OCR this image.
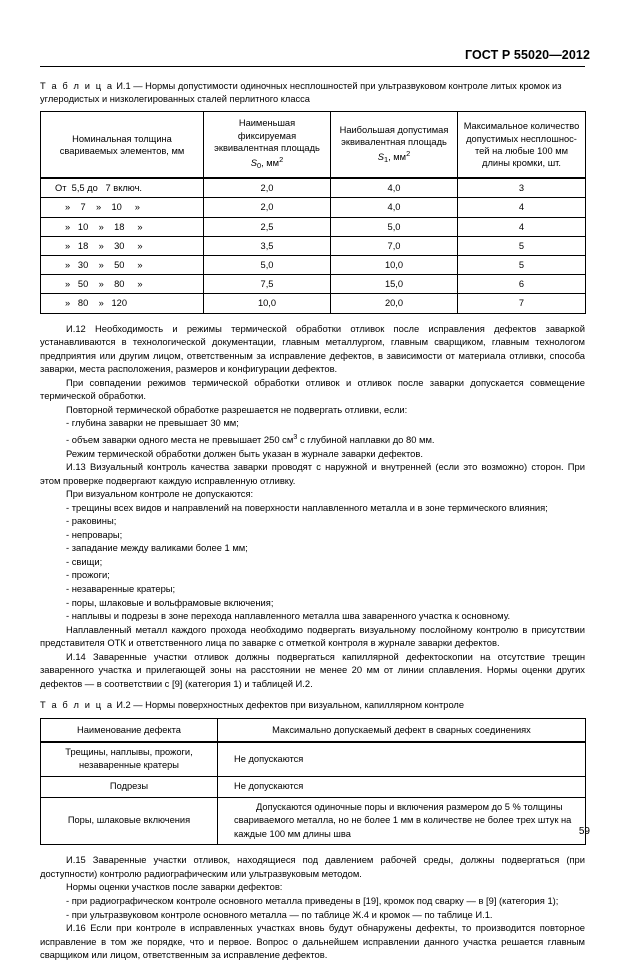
ГОСТ Р 55020—2012

Т а б л и ц а И.1 — Нормы допустимости одиночных несплошностей при ультразвуковом контроле литых кромок из углеродистых и низколегированных сталей перлитного класса

Номинальная толщина
свариваемых элементов, мм	Наименьшая фиксируемая
эквивалентная площадь
$S_0$, $мм^2$	Наибольшая допустимая
эквивалентная площадь
$S_1$, $мм^2$	Максимальное количество
допустимых несплошнос-
тей на любые 100 мм
длины кромки, шт.
От  5,5 до   7 включ.	2,0	4,0	3
»    7    »    10     »	2,0	4,0	4
»   10    »    18     »	2,5	5,0	4
»   18    »    30     »	3,5	7,0	5
»   30    »    50     »	5,0	10,0	5
»   50    »    80     »	7,5	15,0	6
»   80    »   120	10,0	20,0	7

И.12 Необходимость и режимы термической обработки отливок после исправления дефектов заваркой устанавливаются в технологической документации, главным металлургом, главным сварщиком, главным технологом предприятия или другим лицом, ответственным за исправление дефектов, в зависимости от материала отливки, способа заварки, места расположения, размеров и конфигурации дефектов.

При совпадении режимов термической обработки отливок и отливок после заварки допускается совмещение термической обработки.

Повторной термической обработке разрешается не подвергать отливки, если:

- глубина заварки не превышает 30 мм;

- объем заварки одного места не превышает 250 $см^3$ с глубиной наплавки до 80 мм.

Режим термической обработки должен быть указан в журнале заварки дефектов.

И.13 Визуальный контроль качества заварки проводят с наружной и внутренней (если это возможно) сторон. При этом проверке подвергают каждую исправленную отливку.

При визуальном контроле не допускаются:

- трещины всех видов и направлений на поверхности наплавленного металла и в зоне термического влияния;

- раковины;

- непровары;

- западание между валиками более 1 мм;

- свищи;

- прожоги;

- незаваренные кратеры;

- поры, шлаковые и вольфрамовые включения;

- наплывы и подрезы в зоне перехода наплавленного металла шва заваренного участка к основному.

Наплавленный металл каждого прохода необходимо подвергать визуальному послойному контролю в присутствии представителя ОТК и ответственного лица по заварке с отметкой контроля в журнале заварки дефектов.

И.14 Заваренные участки отливок должны подвергаться капиллярной дефектоскопии на отсутствие трещин заваренного участка и прилегающей зоны на расстоянии не менее 20 мм от линии сплавления. Нормы оценки других дефектов — в соответствии с [9] (категория 1) и таблицей И.2.

Т а б л и ц а И.2 — Нормы поверхностных дефектов при визуальном, капиллярном контроле

Наименование дефекта	Максимально допускаемый дефект в сварных соединениях
Трещины, наплывы, прожоги, незаваренные кратеры	Не допускаются
Подрезы	Не допускаются
Поры, шлаковые включения	Допускаются одиночные поры и включения размером до 5 % толщины свариваемого металла, но не более 1 мм в количестве не более трех штук на каждые 100 мм длины шва

И.15 Заваренные участки отливок, находящиеся под давлением рабочей среды, должны подвергаться (при доступности) контролю радиографическим или ультразвуковым методом.

Нормы оценки участков после заварки дефектов:

- при радиографическом контроле основного металла приведены в [19], кромок под сварку — в [9] (категория 1);

- при ультразвуковом контроле основного металла — по таблице Ж.4 и кромок — по таблице И.1.

И.16 Если при контроле в исправленных участках вновь будут обнаружены дефекты, то производится повторное исправление в том же порядке, что и первое. Вопрос о дальнейшем исправлении данного участка решается главным сварщиком или лицом, ответственным за исправление дефектов.

59
